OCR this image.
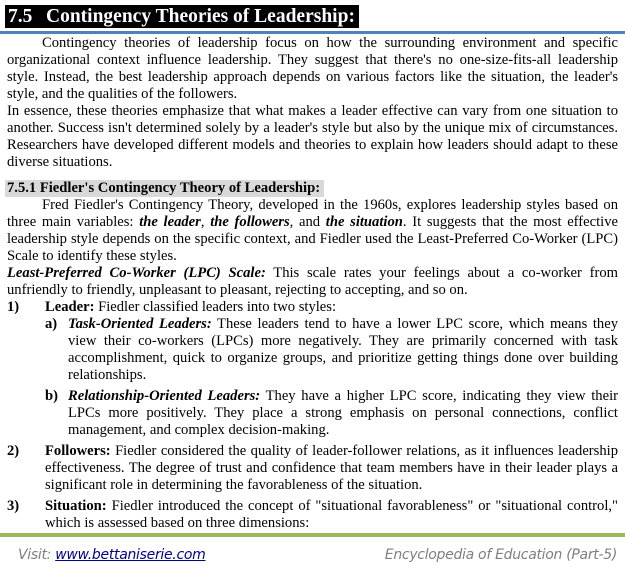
7.5 Contingency Theories of Leadership:

Contingency theories of leadership focus on how the surrounding environment and specific organizational context influence leadership. They suggest that there's no one-size-fits-all leadership style. Instead, the best leadership approach depends on various factors like the situation, the leader's style, and the qualities of the followers.

In essence, these theories emphasize that what makes a leader effective can vary from one situation to another. Success isn't determined solely by a leader's style but also by the unique mix of circumstances. Researchers have developed different models and theories to explain how leaders should adapt to these diverse situations.

7.5.1 Fiedler's Contingency Theory of Leadership:

Fred Fiedler's Contingency Theory, developed in the 1960s, explores leadership styles based on three main variables: the leader, the followers, and the situation. It suggests that the most effective leadership style depends on the specific context, and Fiedler used the Least-Preferred Co-Worker (LPC) Scale to identify these styles.

Least-Preferred Co-Worker (LPC) Scale: This scale rates your feelings about a co-worker from unfriendly to friendly, unpleasant to pleasant, rejecting to accepting, and so on.

1)	Leader: Fiedler classified leaders into two styles:
a) Task-Oriented Leaders: These leaders tend to have a lower LPC score, which means they view their co-workers (LPCs) more negatively. They are primarily concerned with task accomplishment, quick to organize groups, and prioritize getting things done over building relationships.
b) Relationship-Oriented Leaders: They have a higher LPC score, indicating they view their LPCs more positively. They place a strong emphasis on personal connections, conflict management, and complex decision-making.
2)	Followers: Fiedler considered the quality of leader-follower relations, as it influences leadership effectiveness. The degree of trust and confidence that team members have in their leader plays a significant role in determining the favorableness of the situation.
3)	Situation: Fiedler introduced the concept of "situational favorableness" or "situational control," which is assessed based on three dimensions:
Visit: www.bettaniserie.com	Encyclopedia of Education (Part-5)
